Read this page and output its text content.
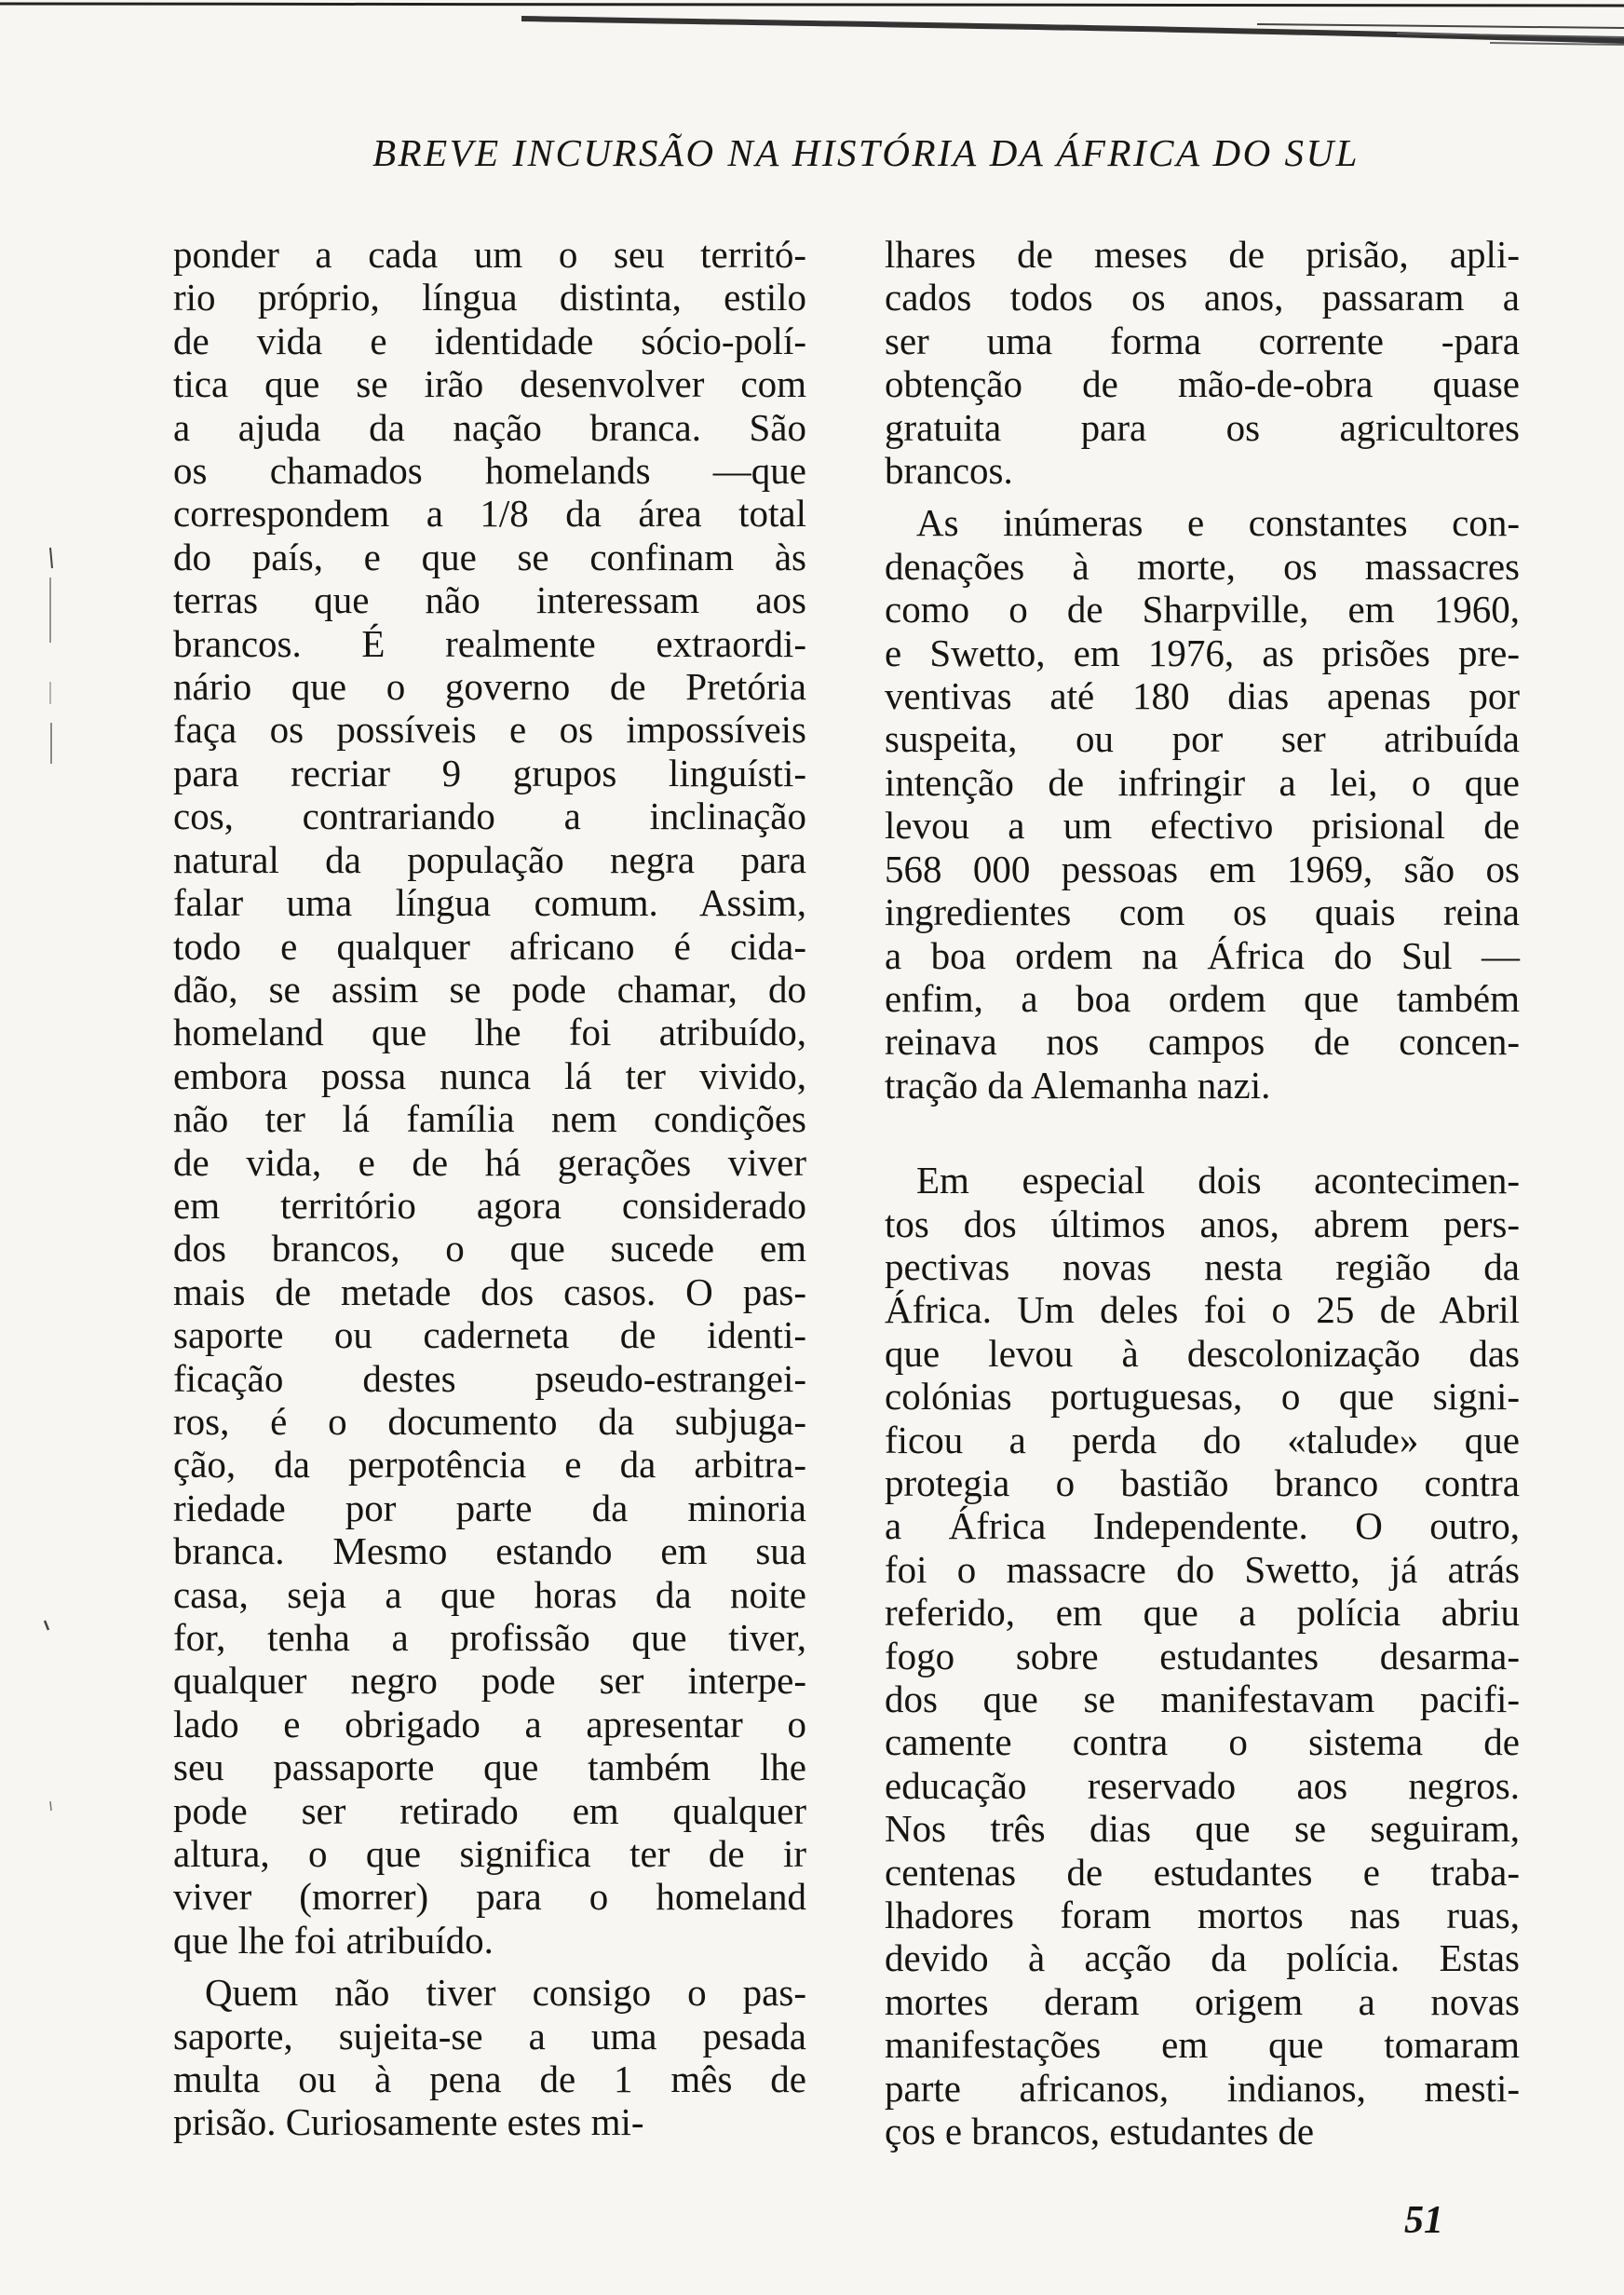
BREVE INCURSÃO NA HISTÓRIA DA ÁFRICA DO SUL
ponder a cada um o seu territó-
rio próprio, língua distinta, estilo
de vida e identidade sócio-polí-
tica que se irão desenvolver com
a ajuda da nação branca. São
os chamados homelands —que
correspondem a 1/8 da área total
do país, e que se confinam às
terras que não interessam aos
brancos. É realmente extraordi-
nário que o governo de Pretória
faça os possíveis e os impossíveis
para recriar 9 grupos linguísti-
cos, contrariando a inclinação
natural da população negra para
falar uma língua comum. Assim,
todo e qualquer africano é cida-
dão, se assim se pode chamar, do
homeland que lhe foi atribuído,
embora possa nunca lá ter vivido,
não ter lá família nem condições
de vida, e de há gerações viver
em território agora considerado
dos brancos, o que sucede em
mais de metade dos casos. O pas-
saporte ou caderneta de identi-
ficação destes pseudo-estrangei-
ros, é o documento da subjuga-
ção, da perpotência e da arbitra-
riedade por parte da minoria
branca. Mesmo estando em sua
casa, seja a que horas da noite
for, tenha a profissão que tiver,
qualquer negro pode ser interpe-
lado e obrigado a apresentar o
seu passaporte que também lhe
pode ser retirado em qualquer
altura, o que significa ter de ir
viver (morrer) para o homeland
que lhe foi atribuído.
Quem não tiver consigo o pas-
saporte, sujeita-se a uma pesada
multa ou à pena de 1 mês de
prisão. Curiosamente estes mi-
lhares de meses de prisão, apli-
cados todos os anos, passaram a
ser uma forma corrente -para
obtenção de mão-de-obra quase
gratuita para os agricultores
brancos.
As inúmeras e constantes con-
denações à morte, os massacres
como o de Sharpville, em 1960,
e Swetto, em 1976, as prisões pre-
ventivas até 180 dias apenas por
suspeita, ou por ser atribuída
intenção de infringir a lei, o que
levou a um efectivo prisional de
568 000 pessoas em 1969, são os
ingredientes com os quais reina
a boa ordem na África do Sul —
enfim, a boa ordem que também
reinava nos campos de concen-
tração da Alemanha nazi.
Em especial dois acontecimen-
tos dos últimos anos, abrem pers-
pectivas novas nesta região da
África. Um deles foi o 25 de Abril
que levou à descolonização das
colónias portuguesas, o que signi-
ficou a perda do «talude» que
protegia o bastião branco contra
a África Independente. O outro,
foi o massacre do Swetto, já atrás
referido, em que a polícia abriu
fogo sobre estudantes desarma-
dos que se manifestavam pacifi-
camente contra o sistema de
educação reservado aos negros.
Nos três dias que se seguiram,
centenas de estudantes e traba-
lhadores foram mortos nas ruas,
devido à acção da polícia. Estas
mortes deram origem a novas
manifestações em que tomaram
parte africanos, indianos, mesti-
ços e brancos, estudantes de
51
